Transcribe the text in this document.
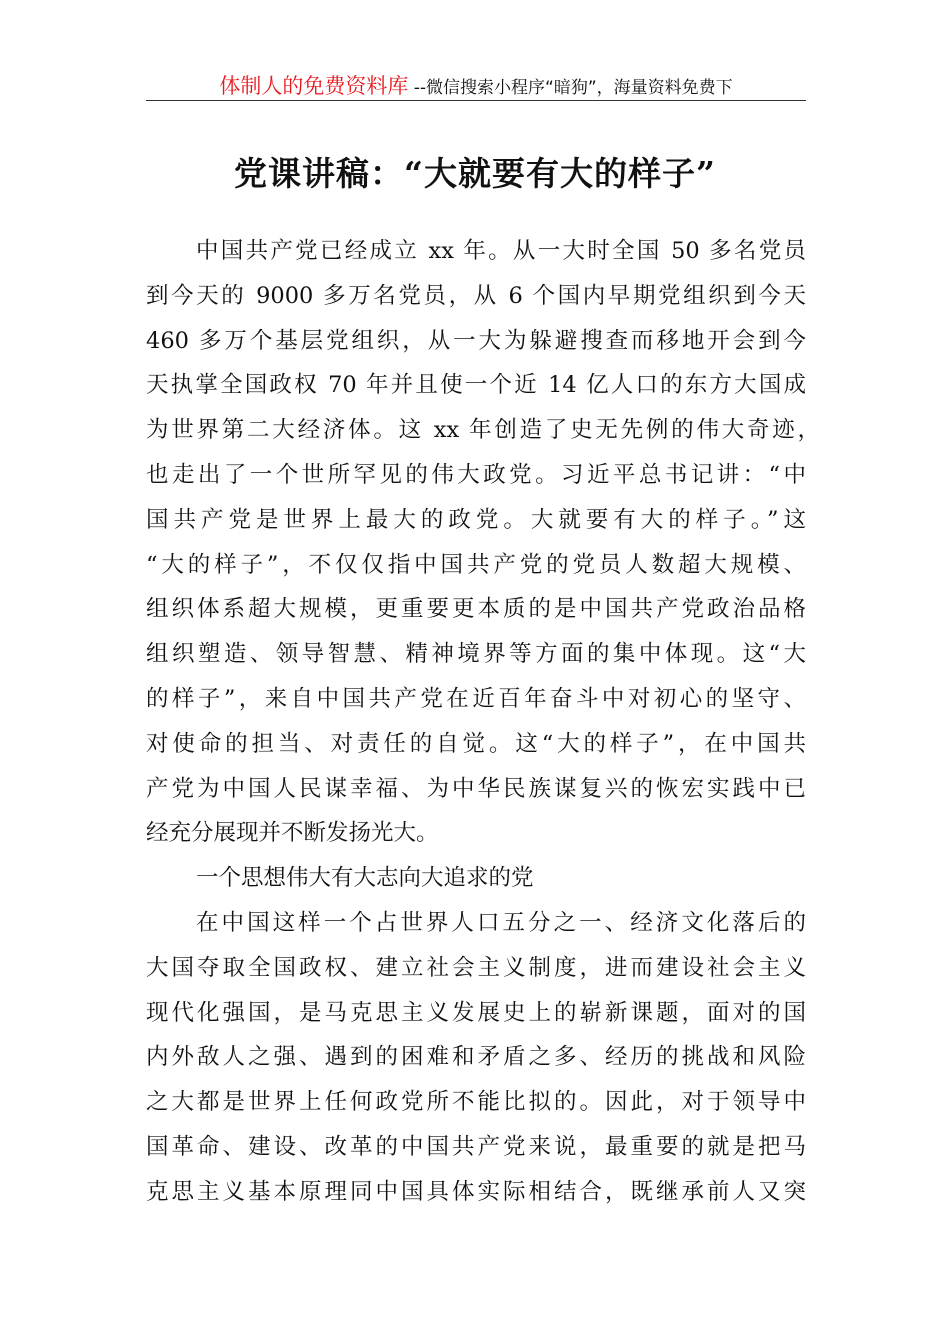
体制人的免费资料库 --微信搜索小程序“暗狗”，海量资料免费下
党课讲稿：“大就要有大的样子”
中国共产党已经成立 xx 年。从一大时全国 50 多名党员
到今天的 9000 多万名党员，从 6 个国内早期党组织到今天
460 多万个基层党组织，从一大为躲避搜查而移地开会到今
天执掌全国政权 70 年并且使一个近 14 亿人口的东方大国成
为世界第二大经济体。这 xx 年创造了史无先例的伟大奇迹，
也走出了一个世所罕见的伟大政党。习近平总书记讲：“中
国共产党是世界上最大的政党。大就要有大的样子。”这
“大的样子”，不仅仅指中国共产党的党员人数超大规模、
组织体系超大规模，更重要更本质的是中国共产党政治品格
组织塑造、领导智慧、精神境界等方面的集中体现。这“大
的样子”，来自中国共产党在近百年奋斗中对初心的坚守、
对使命的担当、对责任的自觉。这“大的样子”，在中国共
产党为中国人民谋幸福、为中华民族谋复兴的恢宏实践中已
经充分展现并不断发扬光大。
一个思想伟大有大志向大追求的党
在中国这样一个占世界人口五分之一、经济文化落后的
大国夺取全国政权、建立社会主义制度，进而建设社会主义
现代化强国，是马克思主义发展史上的崭新课题，面对的国
内外敌人之强、遇到的困难和矛盾之多、经历的挑战和风险
之大都是世界上任何政党所不能比拟的。因此，对于领导中
国革命、建设、改革的中国共产党来说，最重要的就是把马
克思主义基本原理同中国具体实际相结合，既继承前人又突
